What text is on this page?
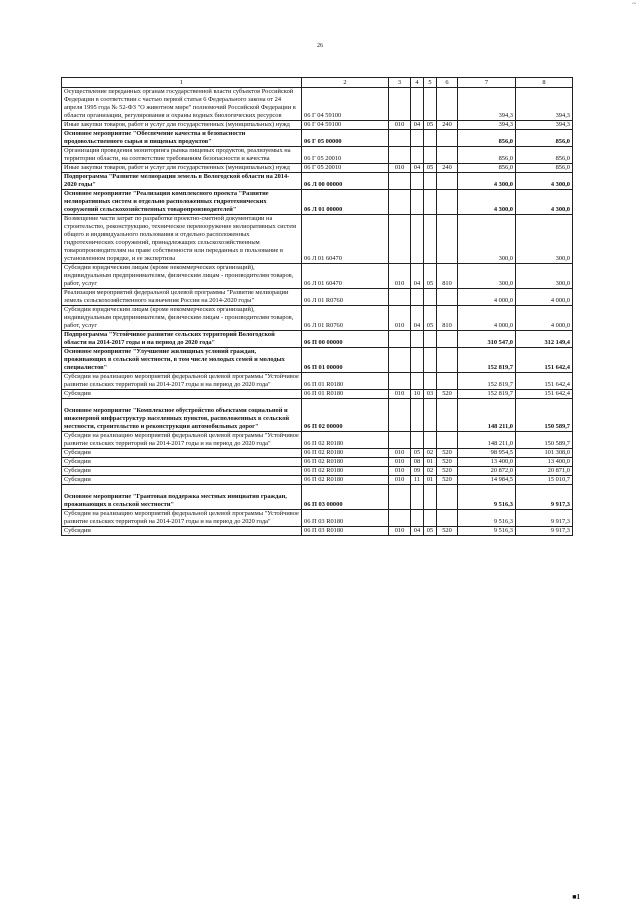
~
26
1	2	3	4	5	6	7	8
Осуществление переданных органам государственной власти субъектов Российской Федерации в соответствии с частью первой статьи 6 Федерального закона от 24 апреля 1995 года № 52-ФЗ "О животном мире" полномочий Российской Федерации в области организации, регулирования и охраны водных биологических ресурсов	06 Г 04 59100					394,3	394,3
Иные закупки товаров, работ и услуг для государственных (муниципальных) нужд	06 Г 04 59100	010	04	05	240	394,3	394,3
Основное мероприятие "Обеспечение качества и безопасности продовольственного сырья и пищевых продуктов"	06 Г 05 00000					856,0	856,0
Организация проведения мониторинга рынка пищевых продуктов, реализуемых на территории области, на соответствие требованиям безопасности и качества	06 Г 05 20010					856,0	856,0
Иные закупки товаров, работ и услуг для государственных (муниципальных) нужд	06 Г 05 20010	010	04	05	240	856,0	856,0
Подпрограмма "Развитие мелиорации земель в Вологодской области на 2014-2020 годы"	06 Л 00 00000					4 300,0	4 300,0
Основное мероприятие "Реализация комплексного проекта "Развитие мелиоративных систем и отдельно расположенных гидротехнических сооружений сельскохозяйственных товаропроизводителей"	06 Л 01 00000					4 300,0	4 300,0
Возмещение части затрат по разработке проектно-сметной документации на строительство, реконструкцию, техническое перевооружение мелиоративных систем общего и индивидуального пользования и отдельно расположенных гидротехнических сооружений, принадлежащих сельскохозяйственным товаропроизводителям на праве собственности или переданных в пользование в установленном порядке, и ее экспертизы	06 Л 01 60470					300,0	300,0
Субсидии юридическим лицам (кроме некоммерческих организаций), индивидуальным предпринимателям, физическим лицам - производителям товаров, работ, услуг	06 Л 01 60470	010	04	05	810	300,0	300,0
Реализация мероприятий федеральной целевой программы "Развитие мелиорации земель сельскохозяйственного назначения России на 2014-2020 годы"	06 Л 01 R0760					4 000,0	4 000,0
Субсидии юридическим лицам (кроме некоммерческих организаций), индивидуальным предпринимателям, физическим лицам - производителям товаров, работ, услуг	06 Л 01 R0760	010	04	05	810	4 000,0	4 000,0
Подпрограмма "Устойчивое развитие сельских территорий Вологодской области на 2014-2017 годы и на период до 2020 года"	06 П 00 00000					310 547,0	312 149,4
Основное мероприятие "Улучшение жилищных условий граждан, проживающих в сельской местности, в том числе молодых семей и молодых специалистов"	06 П 01 00000					152 819,7	151 642,4
Субсидии на реализацию мероприятий федеральной целевой программы "Устойчивое развитие сельских территорий на 2014-2017 годы и на период до 2020 года"	06 П 01 R0180					152 819,7	151 642,4
Субсидии	06 П 01 R0180	010	10	03	520	152 819,7	151 642,4

Основное мероприятие "Комплексное обустройство объектами социальной и инженерной инфраструктур населенных пунктов, расположенных в сельской местности, строительство и реконструкция автомобильных дорог"	06 П 02 00000					148 211,0	150 589,7
Субсидии на реализацию мероприятий федеральной целевой программы "Устойчивое развитие сельских территорий на 2014-2017 годы и на период до 2020 года"	06 П 02 R0180					148 211,0	150 589,7
Субсидии	06 П 02 R0180	010	05	02	520	98 954,5	101 308,0
Субсидии	06 П 02 R0180	010	08	01	520	13 400,0	13 400,0
Субсидии	06 П 02 R0180	010	09	02	520	20 872,0	20 871,0
Субсидии	06 П 02 R0180	010	11	01	520	14 984,5	15 010,7

Основное мероприятие "Грантовая поддержка местных инициатив граждан, проживающих в сельской местности"	06 П 03 00000					9 516,3	9 917,3
Субсидии на реализацию мероприятий федеральной целевой программы "Устойчивое развитие сельских территорий на 2014-2017 годы и на период до 2020 года"	06 П 03 R0180					9 516,3	9 917,3
Субсидии	06 П 03 R0180	010	04	05	520	9 516,3	9 917,3
■1
